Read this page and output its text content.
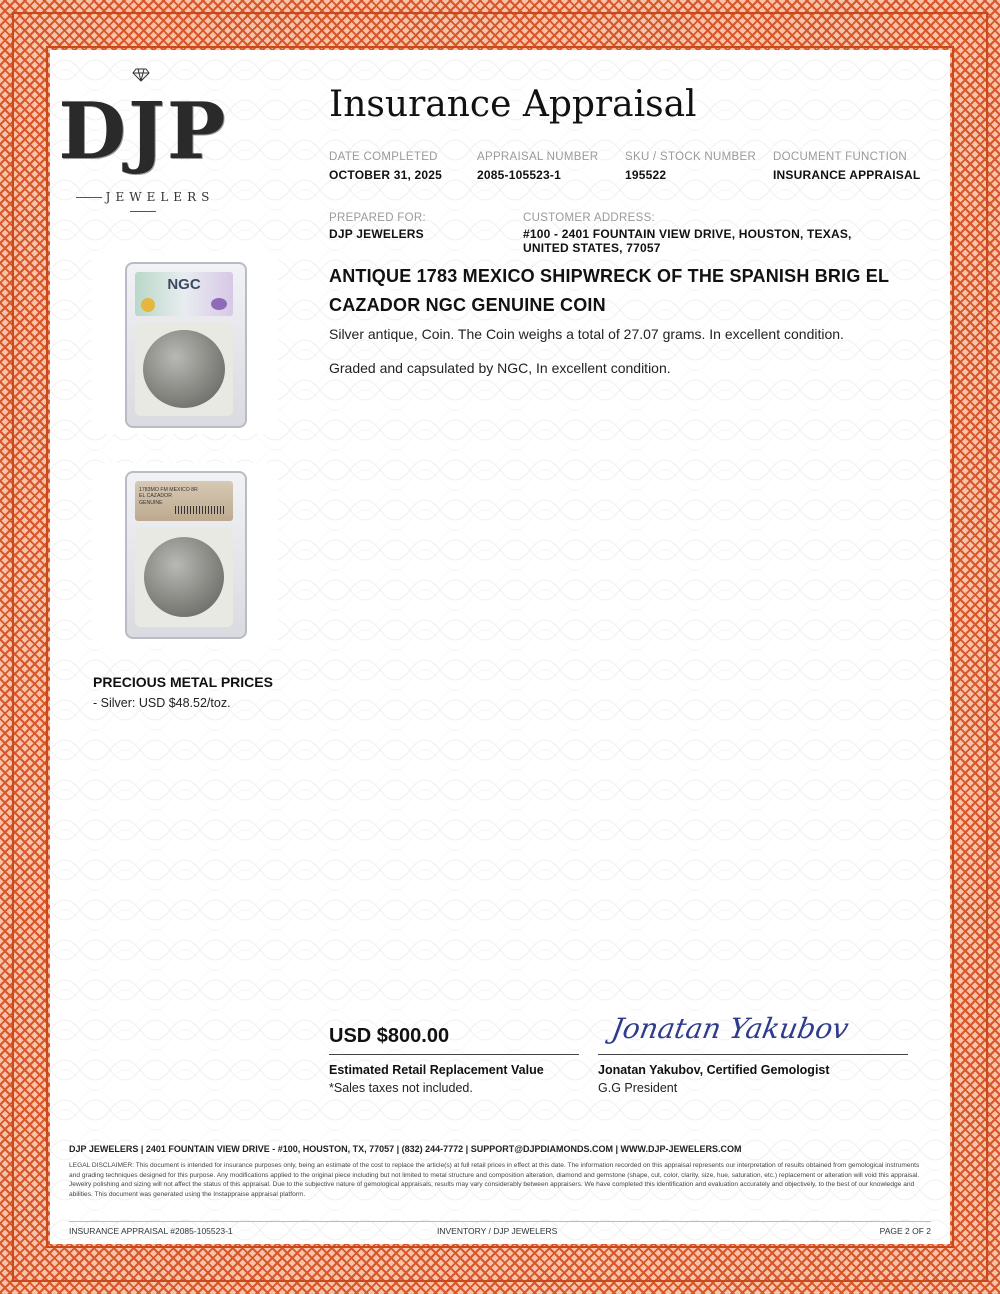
DJP
JEWELERS
Insurance Appraisal
DATE COMPLETED
OCTOBER 31, 2025
APPRAISAL NUMBER
2085-105523-1
SKU / STOCK NUMBER
195522
DOCUMENT FUNCTION
INSURANCE APPRAISAL
PREPARED FOR:
DJP JEWELERS
CUSTOMER ADDRESS:
#100 - 2401 FOUNTAIN VIEW DRIVE, HOUSTON, TEXAS, UNITED STATES, 77057
ANTIQUE 1783 MEXICO SHIPWRECK OF THE SPANISH BRIG EL CAZADOR NGC GENUINE COIN
Silver antique, Coin. The Coin weighs a total of 27.07 grams. In excellent condition.
Graded and capsulated by NGC, In excellent condition.
NGC
1783MO FM MEXICO 8R
EL CAZADOR
GENUINE
PRECIOUS METAL PRICES
- Silver: USD $48.52/toz.
USD $800.00
Estimated Retail Replacement Value
*Sales taxes not included.
Jonatan Yakubov
Jonatan Yakubov, Certified Gemologist
G.G President
DJP JEWELERS | 2401 FOUNTAIN VIEW DRIVE - #100, HOUSTON, TX, 77057 | (832) 244-7772 | SUPPORT@DJPDIAMONDS.COM | WWW.DJP-JEWELERS.COM
LEGAL DISCLAIMER: This document is intended for insurance purposes only, being an estimate of the cost to replace the article(s) at full retail prices in effect at this date. The information recorded on this appraisal represents our interpretation of results obtained from gemological instruments and grading techniques designed for this purpose. Any modifications applied to the original piece including but not limited to metal structure and composition alteration, diamond and gemstone (shape, cut, color, clarity, size, hue, saturation, etc.) replacement or alteration will void this appraisal. Jewelry polishing and sizing will not affect the status of this appraisal. Due to the subjective nature of gemological appraisals, results may vary considerably between appraisers. We have completed this identification and evaluation accurately and objectively, to the best of our knowledge and abilities. This document was generated using the Instappraise appraisal platform.
INSURANCE APPRAISAL #2085-105523-1	INVENTORY / DJP JEWELERS	PAGE 2 OF 2
